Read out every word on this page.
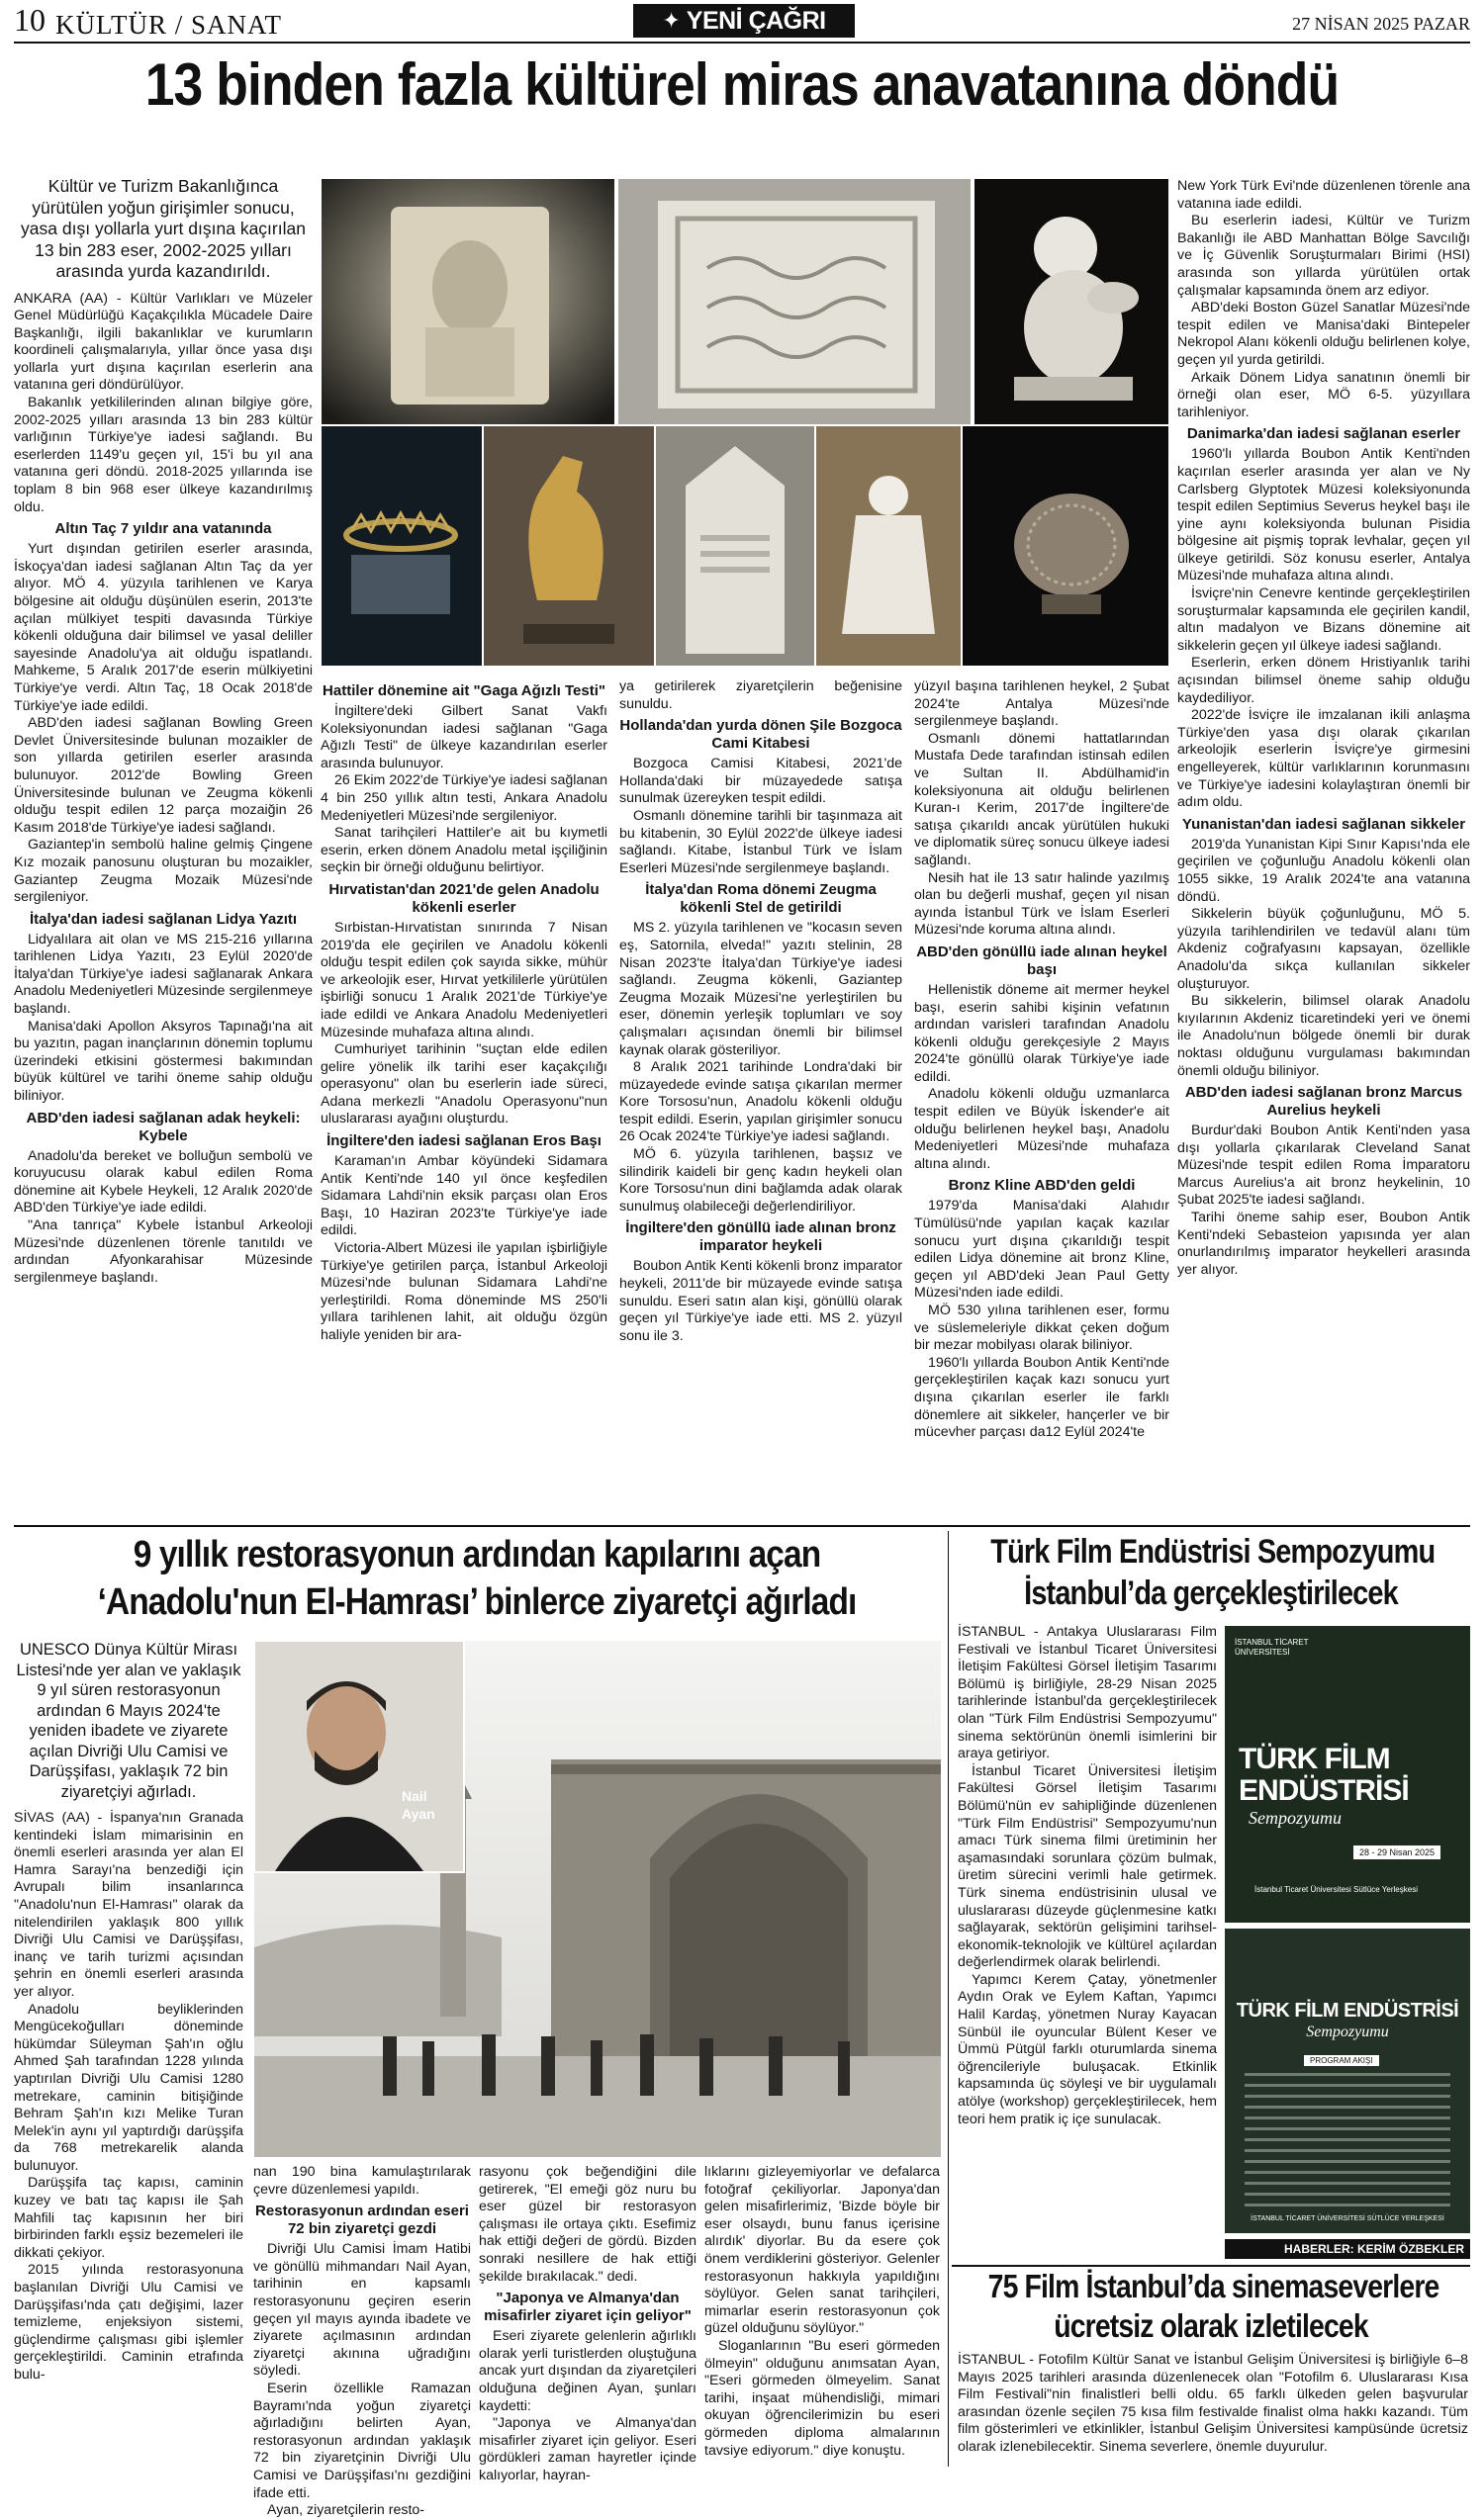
10 KÜLTÜR / SANAT	✦ YENİ ÇAĞRI	27 NİSAN 2025 PAZAR
13 binden fazla kültürel miras anavatanına döndü
Kültür ve Turizm Bakanlığınca yürütülen yoğun girişimler sonucu, yasa dışı yollarla yurt dışına kaçırılan 13 bin 283 eser, 2002-2025 yılları arasında yurda kazandırıldı.

ANKARA (AA) - Kültür Varlıkları ve Müzeler Genel Müdürlüğü Kaçakçılıkla Mücadele Daire Başkanlığı, ilgili bakanlıklar ve kurumların koordineli çalışmalarıyla, yıllar önce yasa dışı yollarla yurt dışına kaçırılan eserlerin ana vatanına geri döndürülüyor.

Bakanlık yetkililerinden alınan bilgiye göre, 2002-2025 yılları arasında 13 bin 283 kültür varlığının Türkiye'ye iadesi sağlandı. Bu eserlerden 1149'u geçen yıl, 15'i bu yıl ana vatanına geri döndü. 2018-2025 yıllarında ise toplam 8 bin 968 eser ülkeye kazandırılmış oldu.

Altın Taç 7 yıldır ana vatanında

Yurt dışından getirilen eserler arasında, İskoçya'dan iadesi sağlanan Altın Taç da yer alıyor. MÖ 4. yüzyıla tarihlenen ve Karya bölgesine ait olduğu düşünülen eserin, 2013'te açılan mülkiyet tespiti davasında Türkiye kökenli olduğuna dair bilimsel ve yasal deliller sayesinde Anadolu'ya ait olduğu ispatlandı. Mahkeme, 5 Aralık 2017'de eserin mülkiyetini Türkiye'ye verdi. Altın Taç, 18 Ocak 2018'de Türkiye'ye iade edildi.

ABD'den iadesi sağlanan Bowling Green Devlet Üniversitesinde bulunan mozaikler de son yıllarda getirilen eserler arasında bulunuyor. 2012'de Bowling Green Üniversitesinde bulunan ve Zeugma kökenli olduğu tespit edilen 12 parça mozaiğin 26 Kasım 2018'de Türkiye'ye iadesi sağlandı.

Gaziantep'in sembolü haline gelmiş Çingene Kız mozaik panosunu oluşturan bu mozaikler, Gaziantep Zeugma Mozaik Müzesi'nde sergileniyor.

İtalya'dan iadesi sağlanan Lidya Yazıtı

Lidyalılara ait olan ve MS 215-216 yıllarına tarihlenen Lidya Yazıtı, 23 Eylül 2020'de İtalya'dan Türkiye'ye iadesi sağlanarak Ankara Anadolu Medeniyetleri Müzesinde sergilenmeye başlandı.

Manisa'daki Apollon Aksyros Tapınağı'na ait bu yazıtın, pagan inançlarının dönemin toplumu üzerindeki etkisini göstermesi bakımından büyük kültürel ve tarihi öneme sahip olduğu biliniyor.

ABD'den iadesi sağlanan adak heykeli: Kybele

Anadolu'da bereket ve bolluğun sembolü ve koruyucusu olarak kabul edilen Roma dönemine ait Kybele Heykeli, 12 Aralık 2020'de ABD'den Türkiye'ye iade edildi.

"Ana tanrıça" Kybele İstanbul Arkeoloji Müzesi'nde düzenlenen törenle tanıtıldı ve ardından Afyonkarahisar Müzesinde sergilenmeye başlandı.

Hattiler dönemine ait "Gaga Ağızlı Testi"

İngiltere'deki Gilbert Sanat Vakfı Koleksiyonundan iadesi sağlanan "Gaga Ağızlı Testi" de ülkeye kazandırılan eserler arasında bulunuyor.

26 Ekim 2022'de Türkiye'ye iadesi sağlanan 4 bin 250 yıllık altın testi, Ankara Anadolu Medeniyetleri Müzesi'nde sergileniyor.

Sanat tarihçileri Hattiler'e ait bu kıymetli eserin, erken dönem Anadolu metal işçiliğinin seçkin bir örneği olduğunu belirtiyor.

Hırvatistan'dan 2021'de gelen Anadolu kökenli eserler

Sırbistan-Hırvatistan sınırında 7 Nisan 2019'da ele geçirilen ve Anadolu kökenli olduğu tespit edilen çok sayıda sikke, mühür ve arkeolojik eser, Hırvat yetkililerle yürütülen işbirliği sonucu 1 Aralık 2021'de Türkiye'ye iade edildi ve Ankara Anadolu Medeniyetleri Müzesinde muhafaza altına alındı.

Cumhuriyet tarihinin "suçtan elde edilen gelire yönelik ilk tarihi eser kaçakçılığı operasyonu" olan bu eserlerin iade süreci, Adana merkezli "Anadolu Operasyonu"nun uluslararası ayağını oluşturdu.

İngiltere'den iadesi sağlanan Eros Başı

Karaman'ın Ambar köyündeki Sidamara Antik Kenti'nde 140 yıl önce keşfedilen Sidamara Lahdi'nin eksik parçası olan Eros Başı, 10 Haziran 2023'te Türkiye'ye iade edildi.

Victoria-Albert Müzesi ile yapılan işbirliğiyle Türkiye'ye getirilen parça, İstanbul Arkeoloji Müzesi'nde bulunan Sidamara Lahdi'ne yerleştirildi. Roma döneminde MS 250'li yıllara tarihlenen lahit, ait olduğu özgün haliyle yeniden bir ara-

ya getirilerek ziyaretçilerin beğenisine sunuldu.

Hollanda'dan yurda dönen Şile Bozgoca Cami Kitabesi

Bozgoca Camisi Kitabesi, 2021'de Hollanda'daki bir müzayedede satışa sunulmak üzereyken tespit edildi.

Osmanlı dönemine tarihli bir taşınmaza ait bu kitabenin, 30 Eylül 2022'de ülkeye iadesi sağlandı. Kitabe, İstanbul Türk ve İslam Eserleri Müzesi'nde sergilenmeye başlandı.

İtalya'dan Roma dönemi Zeugma kökenli Stel de getirildi

MS 2. yüzyıla tarihlenen ve "kocasın seven eş, Satornila, elveda!" yazıtı stelinin, 28 Nisan 2023'te İtalya'dan Türkiye'ye iadesi sağlandı. Zeugma kökenli, Gaziantep Zeugma Mozaik Müzesi'ne yerleştirilen bu eser, dönemin yerleşik toplumları ve soy çalışmaları açısından önemli bir bilimsel kaynak olarak gösteriliyor.

8 Aralık 2021 tarihinde Londra'daki bir müzayedede evinde satışa çıkarılan mermer Kore Torsosu'nun, Anadolu kökenli olduğu tespit edildi. Eserin, yapılan girişimler sonucu 26 Ocak 2024'te Türkiye'ye iadesi sağlandı.

MÖ 6. yüzyıla tarihlenen, başsız ve silindirik kaideli bir genç kadın heykeli olan Kore Torsosu'nun dini bağlamda adak olarak sunulmuş olabileceği değerlendiriliyor.

İngiltere'den gönüllü iade alınan bronz imparator heykeli

Boubon Antik Kenti kökenli bronz imparator heykeli, 2011'de bir müzayede evinde satışa sunuldu. Eseri satın alan kişi, gönüllü olarak geçen yıl Türkiye'ye iade etti. MS 2. yüzyıl sonu ile 3.

yüzyıl başına tarihlenen heykel, 2 Şubat 2024'te Antalya Müzesi'nde sergilenmeye başlandı.

Osmanlı dönemi hattatlarından Mustafa Dede tarafından istinsah edilen ve Sultan II. Abdülhamid'in koleksiyonuna ait olduğu belirlenen Kuran-ı Kerim, 2017'de İngiltere'de satışa çıkarıldı ancak yürütülen hukuki ve diplomatik süreç sonucu ülkeye iadesi sağlandı.

Nesih hat ile 13 satır halinde yazılmış olan bu değerli mushaf, geçen yıl nisan ayında İstanbul Türk ve İslam Eserleri Müzesi'nde koruma altına alındı.

ABD'den gönüllü iade alınan heykel başı

Hellenistik döneme ait mermer heykel başı, eserin sahibi kişinin vefatının ardından varisleri tarafından Anadolu kökenli olduğu gerekçesiyle 2 Mayıs 2024'te gönüllü olarak Türkiye'ye iade edildi.

Anadolu kökenli olduğu uzmanlarca tespit edilen ve Büyük İskender'e ait olduğu belirlenen heykel başı, Anadolu Medeniyetleri Müzesi'nde muhafaza altına alındı.

Bronz Kline ABD'den geldi

1979'da Manisa'daki Alahıdır Tümülüsü'nde yapılan kaçak kazılar sonucu yurt dışına çıkarıldığı tespit edilen Lidya dönemine ait bronz Kline, geçen yıl ABD'deki Jean Paul Getty Müzesi'nden iade edildi.

MÖ 530 yılına tarihlenen eser, formu ve süslemeleriyle dikkat çeken doğum bir mezar mobilyası olarak biliniyor.

1960'lı yıllarda Boubon Antik Kenti'nde gerçekleştirilen kaçak kazı sonucu yurt dışına çıkarılan eserler ile farklı dönemlere ait sikkeler, hançerler ve bir mücevher parçası da12 Eylül 2024'te

New York Türk Evi'nde düzenlenen törenle ana vatanına iade edildi.

Bu eserlerin iadesi, Kültür ve Turizm Bakanlığı ile ABD Manhattan Bölge Savcılığı ve İç Güvenlik Soruşturmaları Birimi (HSI) arasında son yıllarda yürütülen ortak çalışmalar kapsamında önem arz ediyor.

ABD'deki Boston Güzel Sanatlar Müzesi'nde tespit edilen ve Manisa'daki Bintepeler Nekropol Alanı kökenli olduğu belirlenen kolye, geçen yıl yurda getirildi.

Arkaik Dönem Lidya sanatının önemli bir örneği olan eser, MÖ 6-5. yüzyıllara tarihleniyor.

Danimarka'dan iadesi sağlanan eserler

1960'lı yıllarda Boubon Antik Kenti'nden kaçırılan eserler arasında yer alan ve Ny Carlsberg Glyptotek Müzesi koleksiyonunda tespit edilen Septimius Severus heykel başı ile yine aynı koleksiyonda bulunan Pisidia bölgesine ait pişmiş toprak levhalar, geçen yıl ülkeye getirildi. Söz konusu eserler, Antalya Müzesi'nde muhafaza altına alındı.

İsviçre'nin Cenevre kentinde gerçekleştirilen soruşturmalar kapsamında ele geçirilen kandil, altın madalyon ve Bizans dönemine ait sikkelerin geçen yıl ülkeye iadesi sağlandı.

Eserlerin, erken dönem Hristiyanlık tarihi açısından bilimsel öneme sahip olduğu kaydediliyor.

2022'de İsviçre ile imzalanan ikili anlaşma Türkiye'den yasa dışı olarak çıkarılan arkeolojik eserlerin İsviçre'ye girmesini engelleyerek, kültür varlıklarının korunmasını ve Türkiye'ye iadesini kolaylaştıran önemli bir adım oldu.

Yunanistan'dan iadesi sağlanan sikkeler

2019'da Yunanistan Kipi Sınır Kapısı'nda ele geçirilen ve çoğunluğu Anadolu kökenli olan 1055 sikke, 19 Aralık 2024'te ana vatanına döndü.

Sikkelerin büyük çoğunluğunu, MÖ 5. yüzyıla tarihlendirilen ve tedavül alanı tüm Akdeniz coğrafyasını kapsayan, özellikle Anadolu'da sıkça kullanılan sikkeler oluşturuyor.

Bu sikkelerin, bilimsel olarak Anadolu kıyılarının Akdeniz ticaretindeki yeri ve önemi ile Anadolu'nun bölgede önemli bir durak noktası olduğunu vurgulaması bakımından önemli olduğu biliniyor.

ABD'den iadesi sağlanan bronz Marcus Aurelius heykeli

Burdur'daki Boubon Antik Kenti'nden yasa dışı yollarla çıkarılarak Cleveland Sanat Müzesi'nde tespit edilen Roma İmparatoru Marcus Aurelius'a ait bronz heykelinin, 10 Şubat 2025'te iadesi sağlandı.

Tarihi öneme sahip eser, Boubon Antik Kenti'ndeki Sebasteion yapısında yer alan onurlandırılmış imparator heykelleri arasında yer alıyor.

9 yıllık restorasyonun ardından kapılarını açan
‘Anadolu'nun El-Hamrası’ binlerce ziyaretçi ağırladı
UNESCO Dünya Kültür Mirası Listesi'nde yer alan ve yaklaşık 9 yıl süren restorasyonun ardından 6 Mayıs 2024'te yeniden ibadete ve ziyarete açılan Divriği Ulu Camisi ve Darüşşifası, yaklaşık 72 bin ziyaretçiyi ağırladı.

SİVAS (AA) - İspanya'nın Granada kentindeki İslam mimarisinin en önemli eserleri arasında yer alan El Hamra Sarayı'na benzediği için Avrupalı bilim insanlarınca "Anadolu'nun El-Hamrası" olarak da nitelendirilen yaklaşık 800 yıllık Divriği Ulu Camisi ve Darüşşifası, inanç ve tarih turizmi açısından şehrin en önemli eserleri arasında yer alıyor.

Anadolu beyliklerinden Mengücekoğulları döneminde hükümdar Süleyman Şah'ın oğlu Ahmed Şah tarafından 1228 yılında yaptırılan Divriği Ulu Camisi 1280 metrekare, caminin bitişiğinde Behram Şah'ın kızı Melike Turan Melek'in aynı yıl yaptırdığı darüşşifa da 768 metrekarelik alanda bulunuyor.

Darüşşifa taç kapısı, caminin kuzey ve batı taç kapısı ile Şah Mahfili taç kapısının her biri birbirinden farklı eşsiz bezemeleri ile dikkati çekiyor.

2015 yılında restorasyonuna başlanılan Divriği Ulu Camisi ve Darüşşifası'nda çatı değişimi, lazer temizleme, enjeksiyon sistemi, güçlendirme çalışması gibi işlemler gerçekleştirildi. Caminin etrafında bulu-

Nail
Ayan

nan 190 bina kamulaştırılarak çevre düzenlemesi yapıldı.

Restorasyonun ardından eseri 72 bin ziyaretçi gezdi

Divriği Ulu Camisi İmam Hatibi ve gönüllü mihmandarı Nail Ayan, tarihinin en kapsamlı restorasyonunu geçiren eserin geçen yıl mayıs ayında ibadete ve ziyarete açılmasının ardından ziyaretçi akınına uğradığını söyledi.

Eserin özellikle Ramazan Bayramı'nda yoğun ziyaretçi ağırladığını belirten Ayan, restorasyonun ardından yaklaşık 72 bin ziyaretçinin Divriği Ulu Camisi ve Darüşşifası'nı gezdiğini ifade etti.

Ayan, ziyaretçilerin resto-

rasyonu çok beğendiğini dile getirerek, "El emeği göz nuru bu eser güzel bir restorasyon çalışması ile ortaya çıktı. Esefimiz hak ettiği değeri de gördü. Bizden sonraki nesillere de hak ettiği şekilde bırakılacak." dedi.

"Japonya ve Almanya'dan misafirler ziyaret için geliyor"

Eseri ziyarete gelenlerin ağırlıklı olarak yerli turistlerden oluştuğuna ancak yurt dışından da ziyaretçileri olduğuna değinen Ayan, şunları kaydetti:

"Japonya ve Almanya'dan misafirler ziyaret için geliyor. Eseri gördükleri zaman hayretler içinde kalıyorlar, hayran-

lıklarını gizleyemiyorlar ve defalarca fotoğraf çekiliyorlar. Japonya'dan gelen misafirlerimiz, 'Bizde böyle bir eser olsaydı, bunu fanus içerisine alırdık' diyorlar. Bu da esere çok önem verdiklerini gösteriyor. Gelenler restorasyonun hakkıyla yapıldığını söylüyor. Gelen sanat tarihçileri, mimarlar eserin restorasyonun çok güzel olduğunu söylüyor."

Sloganlarının "Bu eseri görmeden ölmeyin" olduğunu anımsatan Ayan, "Eseri görmeden ölmeyelim. Sanat tarihi, inşaat mühendisliği, mimari okuyan öğrencilerimizin bu eseri görmeden diploma almalarının tavsiye ediyorum." diye konuştu.

Türk Film Endüstrisi Sempozyumu
İstanbul’da gerçekleştirilecek

İSTANBUL - Antakya Uluslararası Film Festivali ve İstanbul Ticaret Üniversitesi İletişim Fakültesi Görsel İletişim Tasarımı Bölümü iş birliğiyle, 28-29 Nisan 2025 tarihlerinde İstanbul'da gerçekleştirilecek olan "Türk Film Endüstrisi Sempozyumu" sinema sektörünün önemli isimlerini bir araya getiriyor.

İstanbul Ticaret Üniversitesi İletişim Fakültesi Görsel İletişim Tasarımı Bölümü'nün ev sahipliğinde düzenlenen "Türk Film Endüstrisi" Sempozyumu'nun amacı Türk sinema filmi üretiminin her aşamasındaki sorunlara çözüm bulmak, üretim sürecini verimli hale getirmek. Türk sinema endüstrisinin ulusal ve uluslararası düzeyde güçlenmesine katkı sağlayarak, sektörün gelişimini tarihsel- ekonomik-teknolojik ve kültürel açılardan değerlendirmek olarak belirlendi.

Yapımcı Kerem Çatay, yönetmenler Aydın Orak ve Eylem Kaftan, Yapımcı Halil Kardaş, yönetmen Nuray Kayacan Sünbül ile oyuncular Bülent Keser ve Ümmü Pütgül farklı oturumlarda sinema öğrencileriyle buluşacak. Etkinlik kapsamında üç söyleşi ve bir uygulamalı atölye (workshop) gerçekleştirilecek, hem teori hem pratik iç içe sunulacak.

İSTANBUL TİCARET ÜNİVERSİTESİ
TÜRK FİLM
ENDÜSTRİSİ
Sempozyumu
28 - 29 Nisan 2025
İstanbul Ticaret Üniversitesi Sütlüce Yerleşkesi
TÜRK FİLM ENDÜSTRİSİ
Sempozyumu
PROGRAM AKIŞI
İSTANBUL TİCARET ÜNİVERSİTESİ SÜTLÜCE YERLEŞKESİ
HABERLER: KERİM ÖZBEKLER
75 Film İstanbul’da sinemaseverlere
ücretsiz olarak izletilecek

İSTANBUL - Fotofilm Kültür Sanat ve İstanbul Gelişim Üniversitesi iş birliğiyle 6–8 Mayıs 2025 tarihleri arasında düzenlenecek olan "Fotofilm 6. Uluslararası Kısa Film Festivali"nin finalistleri belli oldu. 65 farklı ülkeden gelen başvurular arasından özenle seçilen 75 kısa film festivalde finalist olma hakkı kazandı. Tüm film gösterimleri ve etkinlikler, İstanbul Gelişim Üniversitesi kampüsünde ücretsiz olarak izlenebilecektir. Sinema severlere, önemle duyurulur.
